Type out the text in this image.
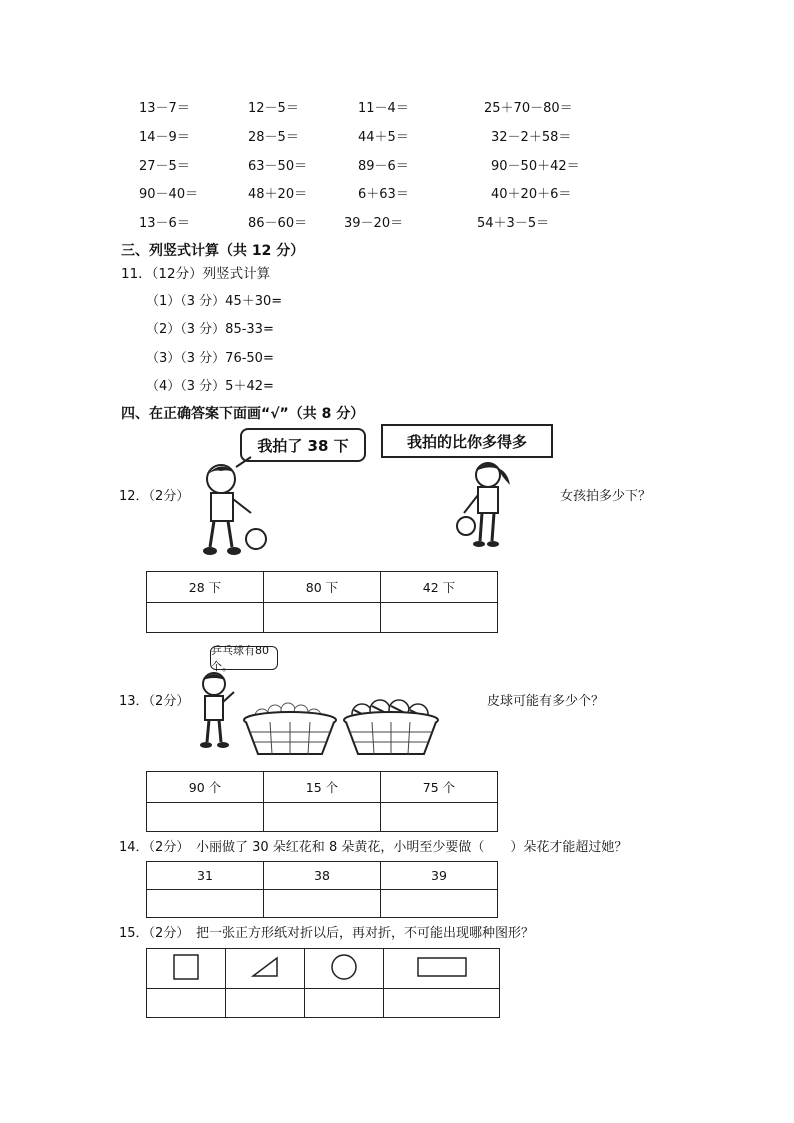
13－7＝	12－5＝	11－4＝	25＋70－80＝
14－9＝	28－5＝	44＋5＝	32－2＋58＝
27－5＝	63－50＝	89－6＝	90－50＋42＝
90－40＝	48＋20＝	6＋63＝	40＋20＋6＝
13－6＝	86－60＝	39－20＝	54＋3－5＝
三、列竖式计算（共 12 分）
11．（12分）列竖式计算
（1）（3 分）45＋30=
（2）（3 分）85-33=
（3）（3 分）76-50=
（4）（3 分）5＋42=
四、在正确答案下面画“√”（共 8 分）
12．（2分）
我拍了 38 下	我拍的比你多得多
女孩拍多少下？
28 下	80 下	42 下

13．（2分）
乒乓球有80个。
皮球可能有多少个？
90 个	15 个	75 个

14．（2分） 小丽做了 30 朵红花和 8 朵黄花，小明至少要做（　　）朵花才能超过她？
31	38	39

15．（2分） 把一张正方形纸对折以后，再对折，不可能出现哪种图形？
